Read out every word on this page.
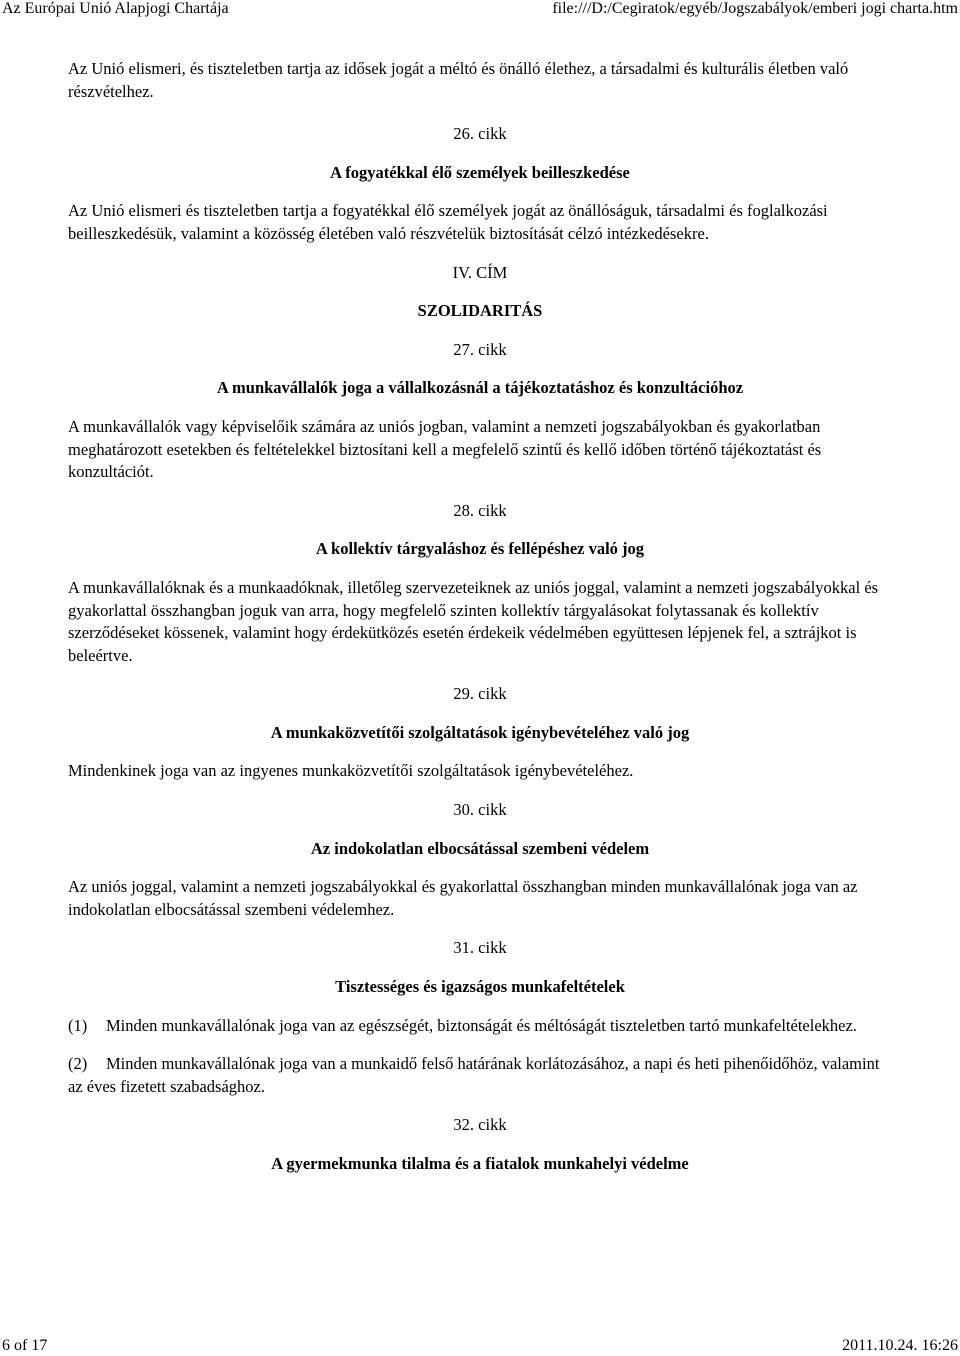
Az Európai Unió Alapjogi Chartája	file:///D:/Cegiratok/egyéb/Jogszabályok/emberi jogi charta.htm

Az Unió elismeri, és tiszteletben tartja az idősek jogát a méltó és önálló élethez, a társadalmi és kulturális életben való részvételhez.

26. cikk

A fogyatékkal élő személyek beilleszkedése

Az Unió elismeri és tiszteletben tartja a fogyatékkal élő személyek jogát az önállóságuk, társadalmi és foglalkozási beilleszkedésük, valamint a közösség életében való részvételük biztosítását célzó intézkedésekre.

IV. CÍM

SZOLIDARITÁS

27. cikk

A munkavállalók joga a vállalkozásnál a tájékoztatáshoz és konzultációhoz

A munkavállalók vagy képviselőik számára az uniós jogban, valamint a nemzeti jogszabályokban és gyakorlatban meghatározott esetekben és feltételekkel biztosítani kell a megfelelő szintű és kellő időben történő tájékoztatást és konzultációt.

28. cikk

A kollektív tárgyaláshoz és fellépéshez való jog

A munkavállalóknak és a munkaadóknak, illetőleg szervezeteiknek az uniós joggal, valamint a nemzeti jogszabályokkal és gyakorlattal összhangban joguk van arra, hogy megfelelő szinten kollektív tárgyalásokat folytassanak és kollektív szerződéseket kössenek, valamint hogy érdekütközés esetén érdekeik védelmében együttesen lépjenek fel, a sztrájkot is beleértve.

29. cikk

A munkaközvetítői szolgáltatások igénybevételéhez való jog

Mindenkinek joga van az ingyenes munkaközvetítői szolgáltatások igénybevételéhez.

30. cikk

Az indokolatlan elbocsátással szembeni védelem

Az uniós joggal, valamint a nemzeti jogszabályokkal és gyakorlattal összhangban minden munkavállalónak joga van az indokolatlan elbocsátással szembeni védelemhez.

31. cikk

Tisztességes és igazságos munkafeltételek

(1) Minden munkavállalónak joga van az egészségét, biztonságát és méltóságát tiszteletben tartó munkafeltételekhez.

(2) Minden munkavállalónak joga van a munkaidő felső határának korlátozásához, a napi és heti pihenőidőhöz, valamint az éves fizetett szabadsághoz.

32. cikk

A gyermekmunka tilalma és a fiatalok munkahelyi védelme

6 of 17	2011.10.24. 16:26
